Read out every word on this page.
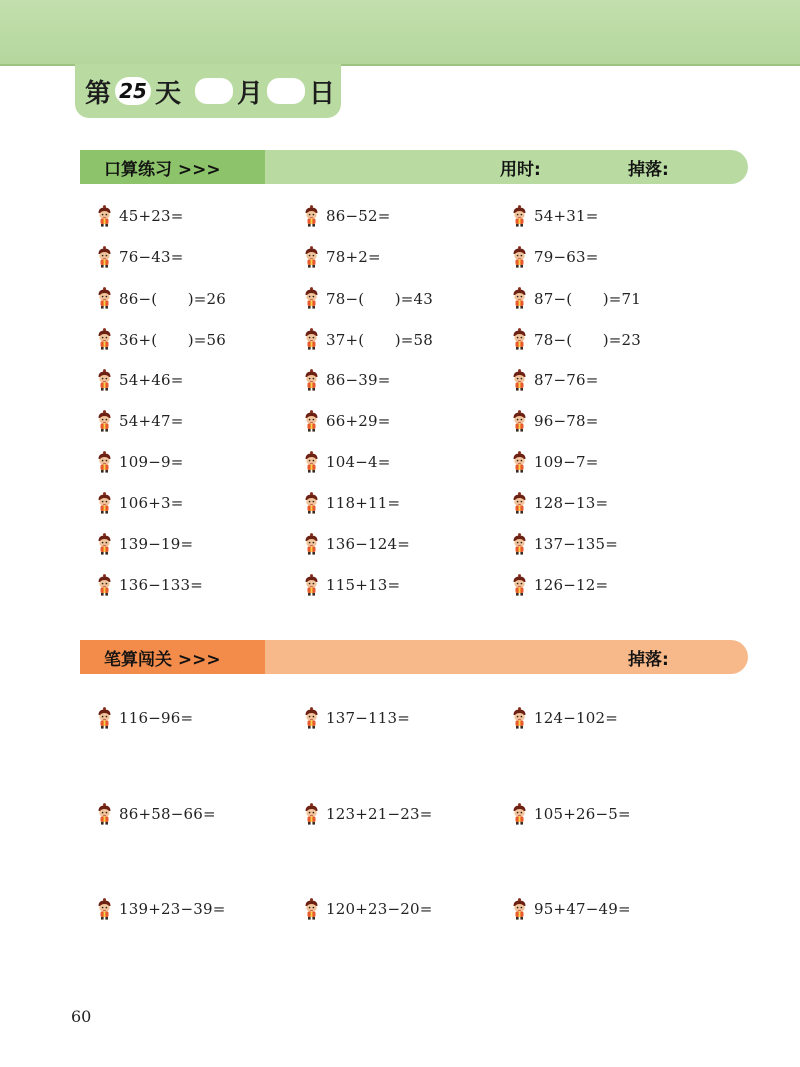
第 25 天 月 日
口算练习 >>>	用时:	掉落:
45+23=	86−52=	54+31=
76−43=	78+2=	79−63=
86−(　　)=26	78−(　　)=43	87−(　　)=71
36+(　　)=56	37+(　　)=58	78−(　　)=23
54+46=	86−39=	87−76=
54+47=	66+29=	96−78=
109−9=	104−4=	109−7=
106+3=	118+11=	128−13=
139−19=	136−124=	137−135=
136−133=	115+13=	126−12=
笔算闯关 >>>	掉落:
116−96=	137−113=	124−102=
86+58−66=	123+21−23=	105+26−5=
139+23−39=	120+23−20=	95+47−49=
60
